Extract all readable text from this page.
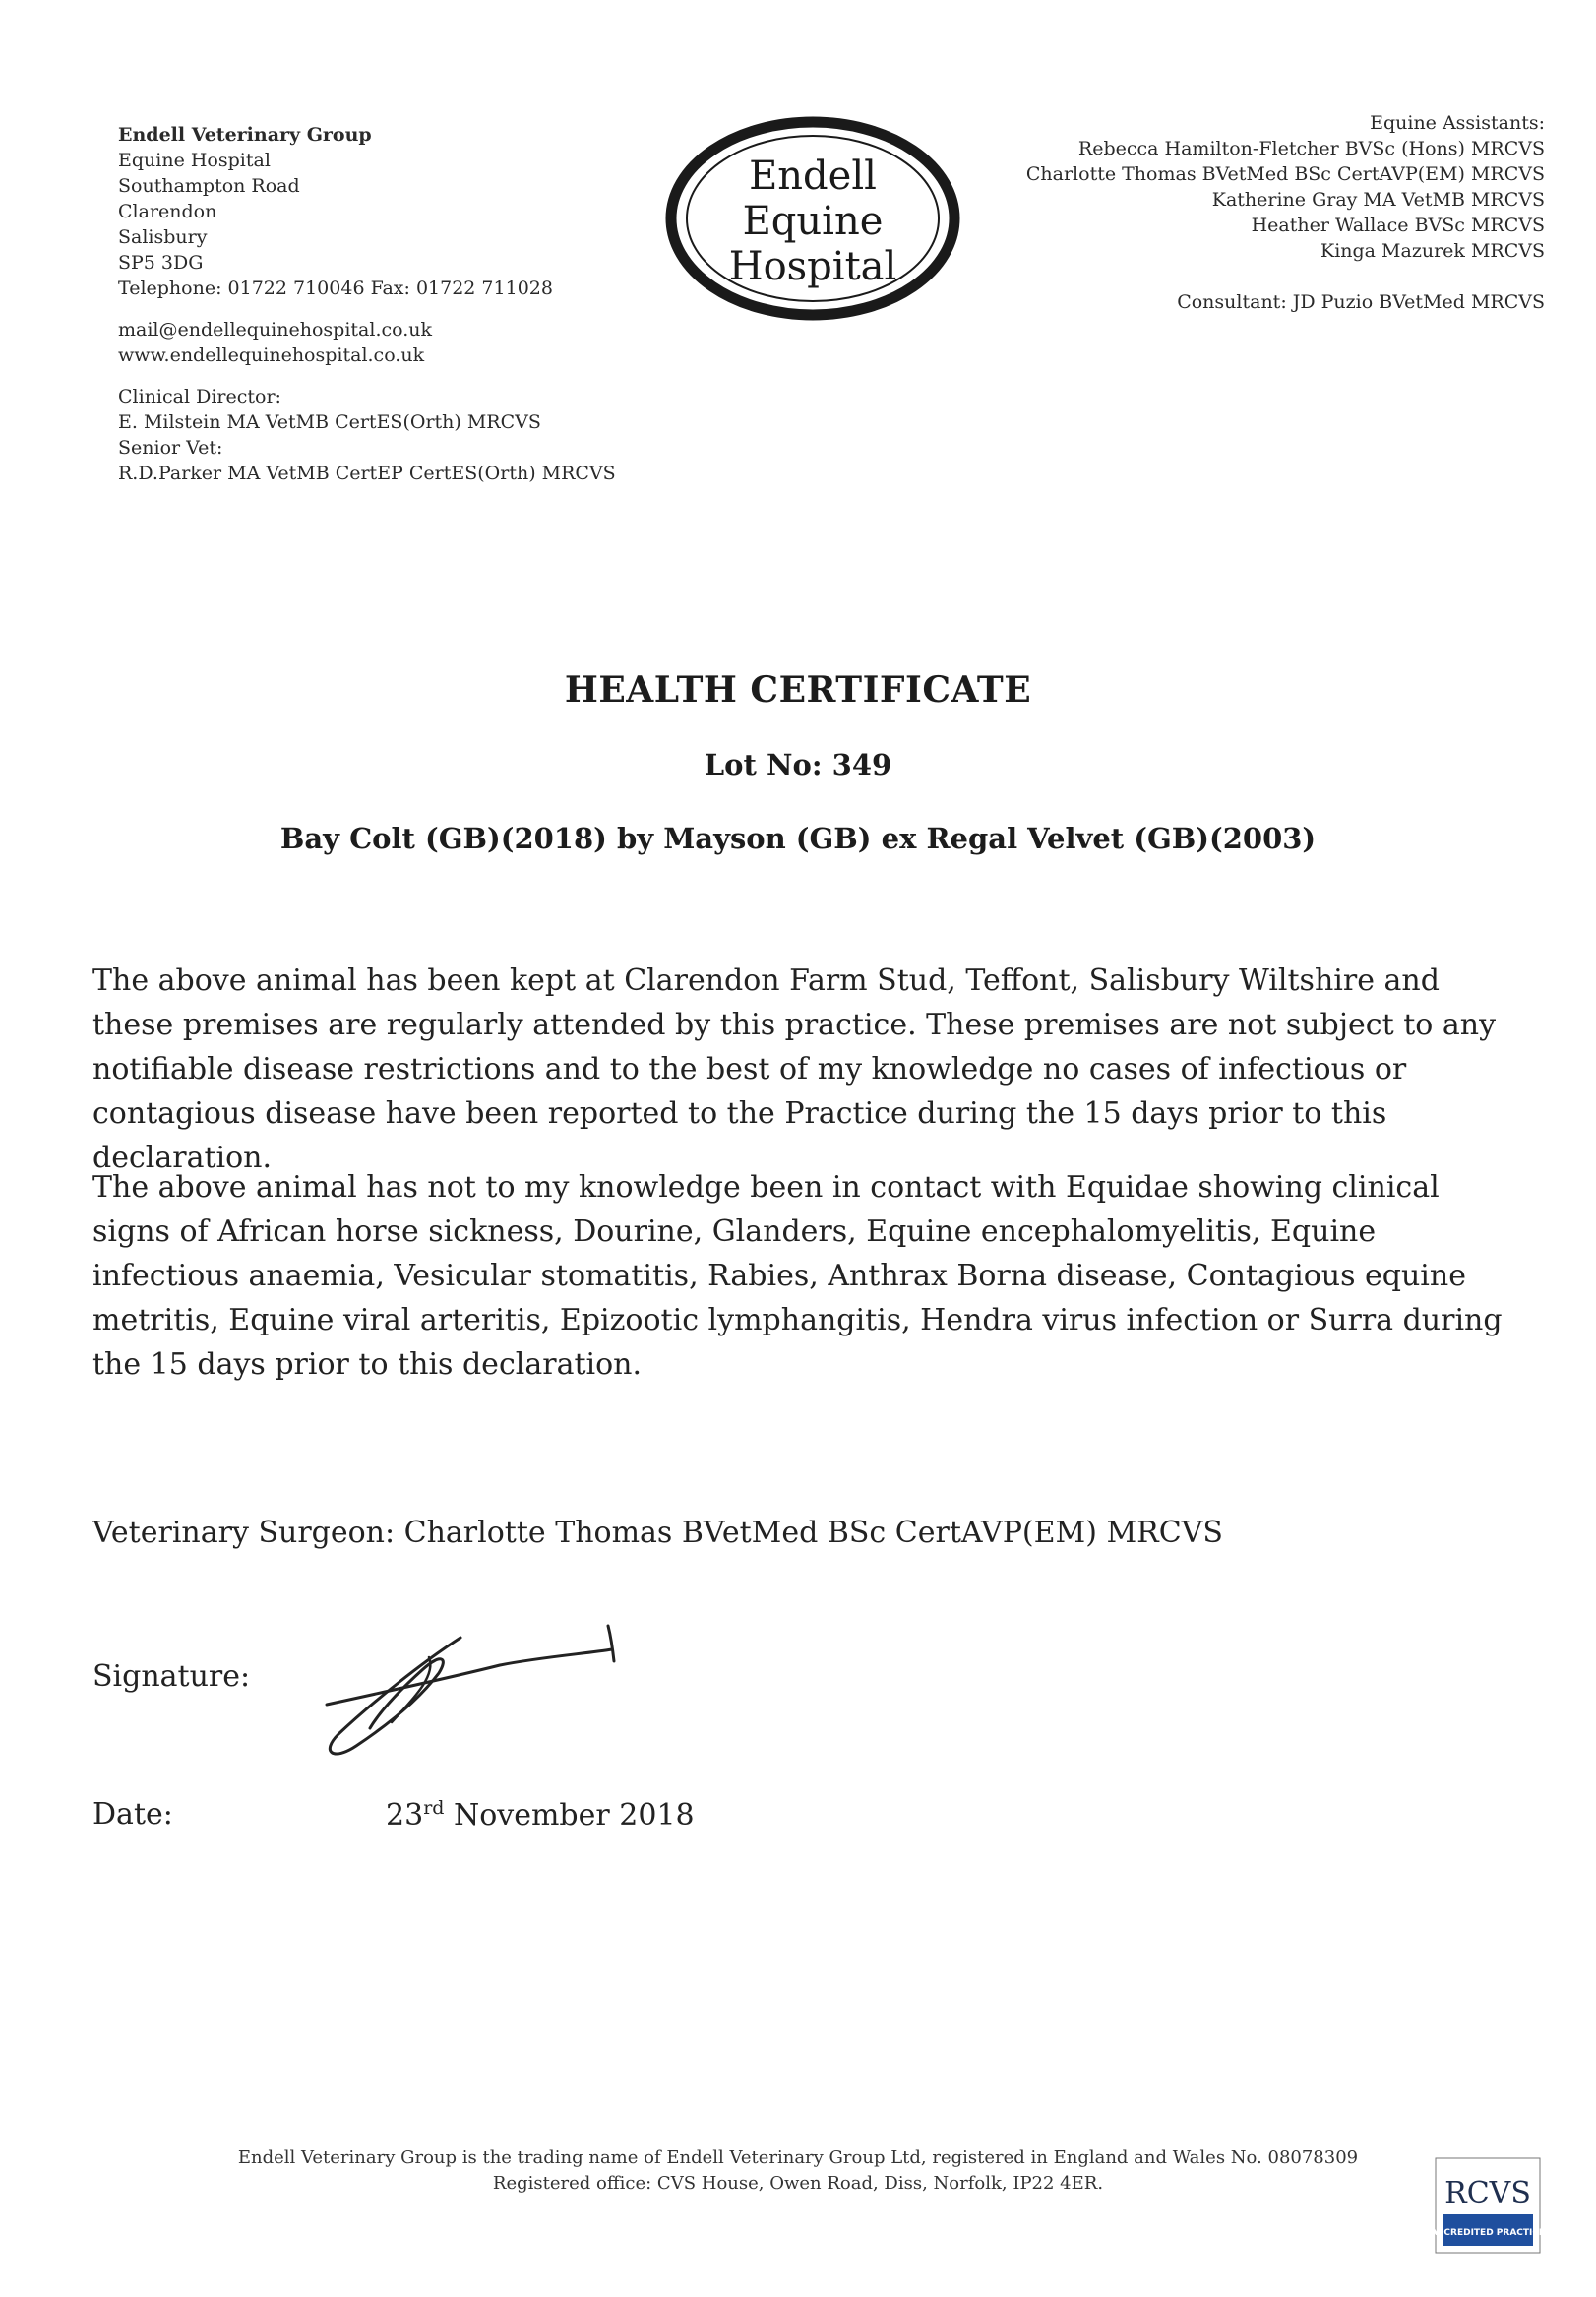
Endell Veterinary Group
Equine Hospital
Southampton Road
Clarendon
Salisbury
SP5 3DG
Telephone: 01722 710046 Fax: 01722 711028
mail@endellequinehospital.co.uk
www.endellequinehospital.co.uk
Clinical Director:
E. Milstein MA VetMB CertES(Orth) MRCVS
Senior Vet:
R.D.Parker MA VetMB CertEP CertES(Orth) MRCVS
Endell
Equine
Hospital
Equine Assistants:
Rebecca Hamilton-Fletcher BVSc (Hons) MRCVS
Charlotte Thomas BVetMed BSc CertAVP(EM) MRCVS
Katherine Gray MA VetMB MRCVS
Heather Wallace BVSc MRCVS
Kinga Mazurek MRCVS
Consultant: JD Puzio BVetMed MRCVS
HEALTH CERTIFICATE
Lot No: 349
Bay Colt (GB)(2018) by Mayson (GB) ex Regal Velvet (GB)(2003)
The above animal has been kept at Clarendon Farm Stud, Teffont, Salisbury Wiltshire and these premises are regularly attended by this practice. These premises are not subject to any notifiable disease restrictions and to the best of my knowledge no cases of infectious or contagious disease have been reported to the Practice during the 15 days prior to this declaration.
The above animal has not to my knowledge been in contact with Equidae showing clinical signs of African horse sickness, Dourine, Glanders, Equine encephalomyelitis, Equine infectious anaemia, Vesicular stomatitis, Rabies, Anthrax Borna disease, Contagious equine metritis, Equine viral arteritis, Epizootic lymphangitis, Hendra virus infection or Surra during the 15 days prior to this declaration.
Veterinary Surgeon: Charlotte Thomas BVetMed BSc CertAVP(EM) MRCVS
Signature:
Date:	23rd November 2018
Endell Veterinary Group is the trading name of Endell Veterinary Group Ltd, registered in England and Wales No. 08078309
Registered office: CVS House, Owen Road, Diss, Norfolk, IP22 4ER.	RCVS
ACCREDITED PRACTICE
